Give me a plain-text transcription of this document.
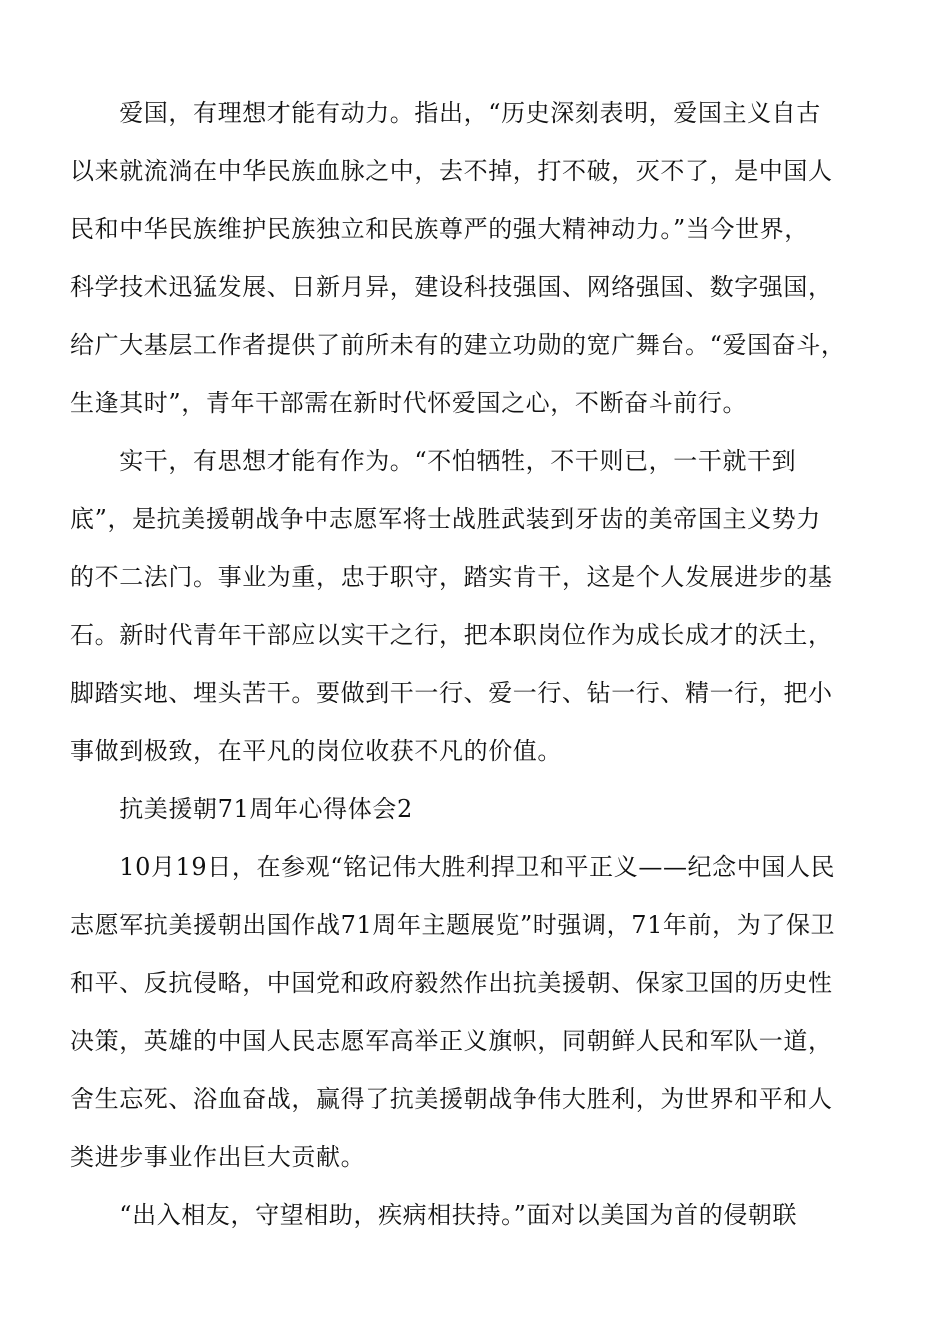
　　爱国，有理想才能有动力。指出，“历史深刻表明，爱国主义自古
以来就流淌在中华民族血脉之中，去不掉，打不破，灭不了，是中国人
民和中华民族维护民族独立和民族尊严的强大精神动力。”当今世界，
科学技术迅猛发展、日新月异，建设科技强国、网络强国、数字强国，
给广大基层工作者提供了前所未有的建立功勋的宽广舞台。“爱国奋斗，
生逢其时”，青年干部需在新时代怀爱国之心，不断奋斗前行。
　　实干，有思想才能有作为。“不怕牺牲，不干则已，一干就干到
底”，是抗美援朝战争中志愿军将士战胜武装到牙齿的美帝国主义势力
的不二法门。事业为重，忠于职守，踏实肯干，这是个人发展进步的基
石。新时代青年干部应以实干之行，把本职岗位作为成长成才的沃土，
脚踏实地、埋头苦干。要做到干一行、爱一行、钻一行、精一行，把小
事做到极致，在平凡的岗位收获不凡的价值。
　　抗美援朝71周年心得体会2
　　10月19日，在参观“铭记伟大胜利捍卫和平正义——纪念中国人民
志愿军抗美援朝出国作战71周年主题展览”时强调，71年前，为了保卫
和平、反抗侵略，中国党和政府毅然作出抗美援朝、保家卫国的历史性
决策，英雄的中国人民志愿军高举正义旗帜，同朝鲜人民和军队一道，
舍生忘死、浴血奋战，赢得了抗美援朝战争伟大胜利，为世界和平和人
类进步事业作出巨大贡献。
　　“出入相友，守望相助，疾病相扶持。”面对以美国为首的侵朝联
